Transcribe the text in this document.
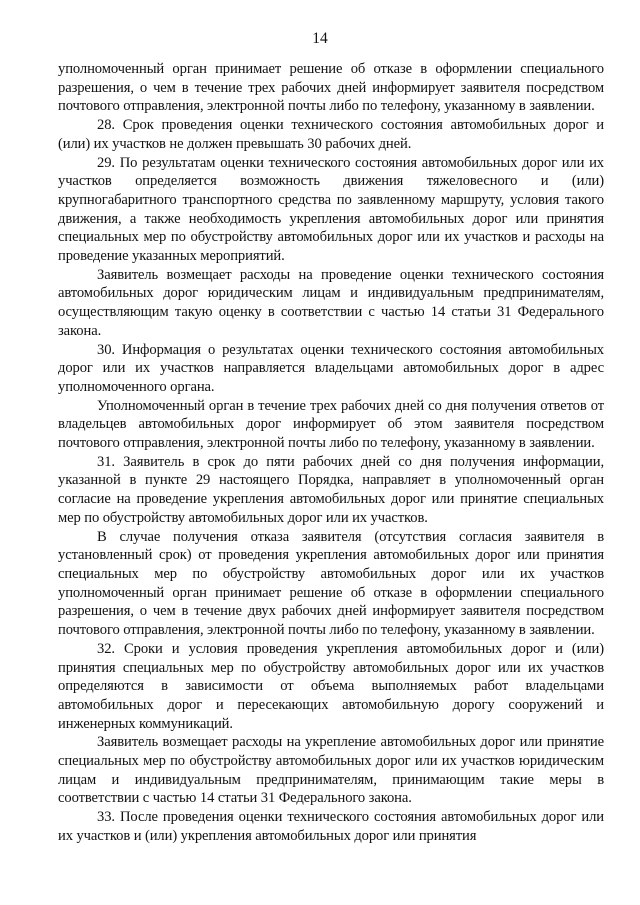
14

уполномоченный орган принимает решение об отказе в оформлении специального разрешения, о чем в течение трех рабочих дней информирует заявителя посредством почтового отправления, электронной почты либо по телефону, указанному в заявлении.

28. Срок проведения оценки технического состояния автомобильных дорог и (или) их участков не должен превышать 30 рабочих дней.

29. По результатам оценки технического состояния автомобильных дорог или их участков определяется возможность движения тяжеловесного и (или) крупногабаритного транспортного средства по заявленному маршруту, условия такого движения, а также необходимость укрепления автомобильных дорог или принятия специальных мер по обустройству автомобильных дорог или их участков и расходы на проведение указанных мероприятий.

Заявитель возмещает расходы на проведение оценки технического состояния автомобильных дорог юридическим лицам и индивидуальным предпринимателям, осуществляющим такую оценку в соответствии с частью 14 статьи 31 Федерального закона.

30. Информация о результатах оценки технического состояния автомобильных дорог или их участков направляется владельцами автомобильных дорог в адрес уполномоченного органа.

Уполномоченный орган в течение трех рабочих дней со дня получения ответов от владельцев автомобильных дорог информирует об этом заявителя посредством почтового отправления, электронной почты либо по телефону, указанному в заявлении.

31. Заявитель в срок до пяти рабочих дней со дня получения информации, указанной в пункте 29 настоящего Порядка, направляет в уполномоченный орган согласие на проведение укрепления автомобильных дорог или принятие специальных мер по обустройству автомобильных дорог или их участков.

В случае получения отказа заявителя (отсутствия согласия заявителя в установленный срок) от проведения укрепления автомобильных дорог или принятия специальных мер по обустройству автомобильных дорог или их участков уполномоченный орган принимает решение об отказе в оформлении специального разрешения, о чем в течение двух рабочих дней информирует заявителя посредством почтового отправления, электронной почты либо по телефону, указанному в заявлении.

32. Сроки и условия проведения укрепления автомобильных дорог и (или) принятия специальных мер по обустройству автомобильных дорог или их участков определяются в зависимости от объема выполняемых работ владельцами автомобильных дорог и пересекающих автомобильную дорогу сооружений и инженерных коммуникаций.

Заявитель возмещает расходы на укрепление автомобильных дорог или принятие специальных мер по обустройству автомобильных дорог или их участков юридическим лицам и индивидуальным предпринимателям, принимающим такие меры в соответствии с частью 14 статьи 31 Федерального закона.

33. После проведения оценки технического состояния автомобильных дорог или их участков и (или) укрепления автомобильных дорог или принятия
